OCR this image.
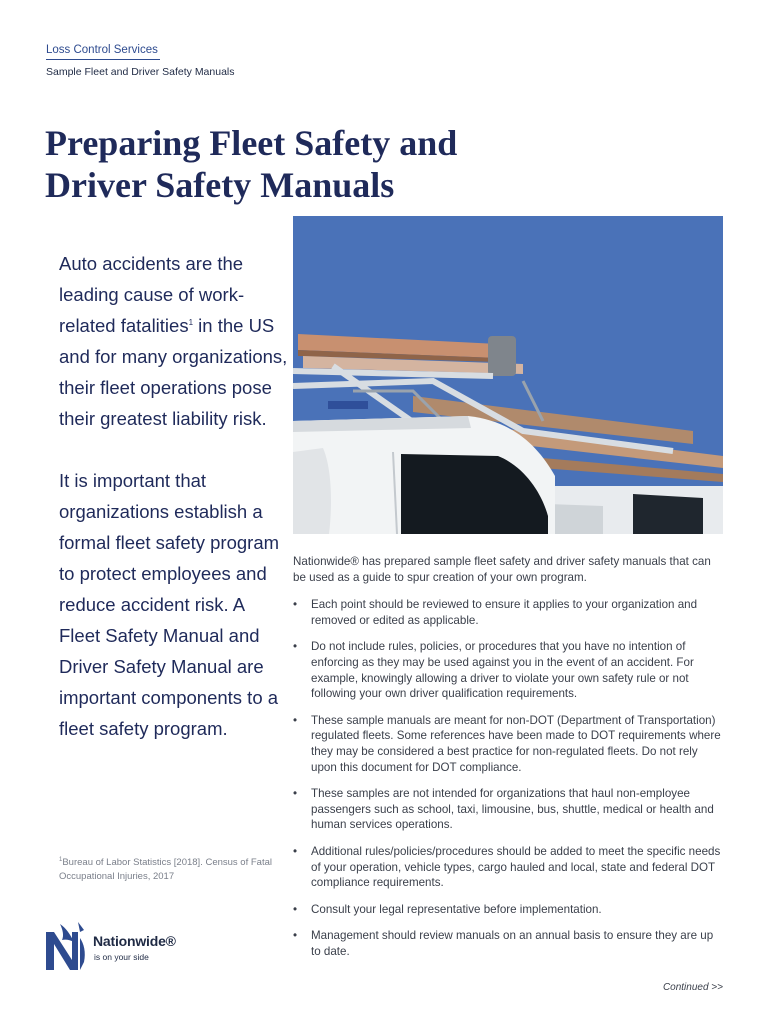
Loss Control Services
Sample Fleet and Driver Safety Manuals
Preparing Fleet Safety and
Driver Safety Manuals

Auto accidents are the leading cause of work-related fatalities$^1$ in the US and for many organizations, their fleet operations pose their greatest liability risk.

It is important that organizations establish a formal fleet safety program to protect employees and reduce accident risk. A Fleet Safety Manual and Driver Safety Manual are important components to a fleet safety program.

$^1$Bureau of Labor Statistics [2018]. Census of Fatal Occupational Injuries, 2017
Nationwide®
is on your side

Nationwide® has prepared sample fleet safety and driver safety manuals that can be used as a guide to spur creation of your own program.

• Each point should be reviewed to ensure it applies to your organization and removed or edited as applicable.
• Do not include rules, policies, or procedures that you have no intention of enforcing as they may be used against you in the event of an accident. For example, knowingly allowing a driver to violate your own safety rule or not following your own driver qualification requirements.
• These sample manuals are meant for non-DOT (Department of Transportation) regulated fleets. Some references have been made to DOT requirements where they may be considered a best practice for non-regulated fleets. Do not rely upon this document for DOT compliance.
• These samples are not intended for organizations that haul non-employee passengers such as school, taxi, limousine, bus, shuttle, medical or health and human services operations.
• Additional rules/policies/procedures should be added to meet the specific needs of your operation, vehicle types, cargo hauled and local, state and federal DOT compliance requirements.
• Consult your legal representative before implementation.
• Management should review manuals on an annual basis to ensure they are up to date.
Continued >>
